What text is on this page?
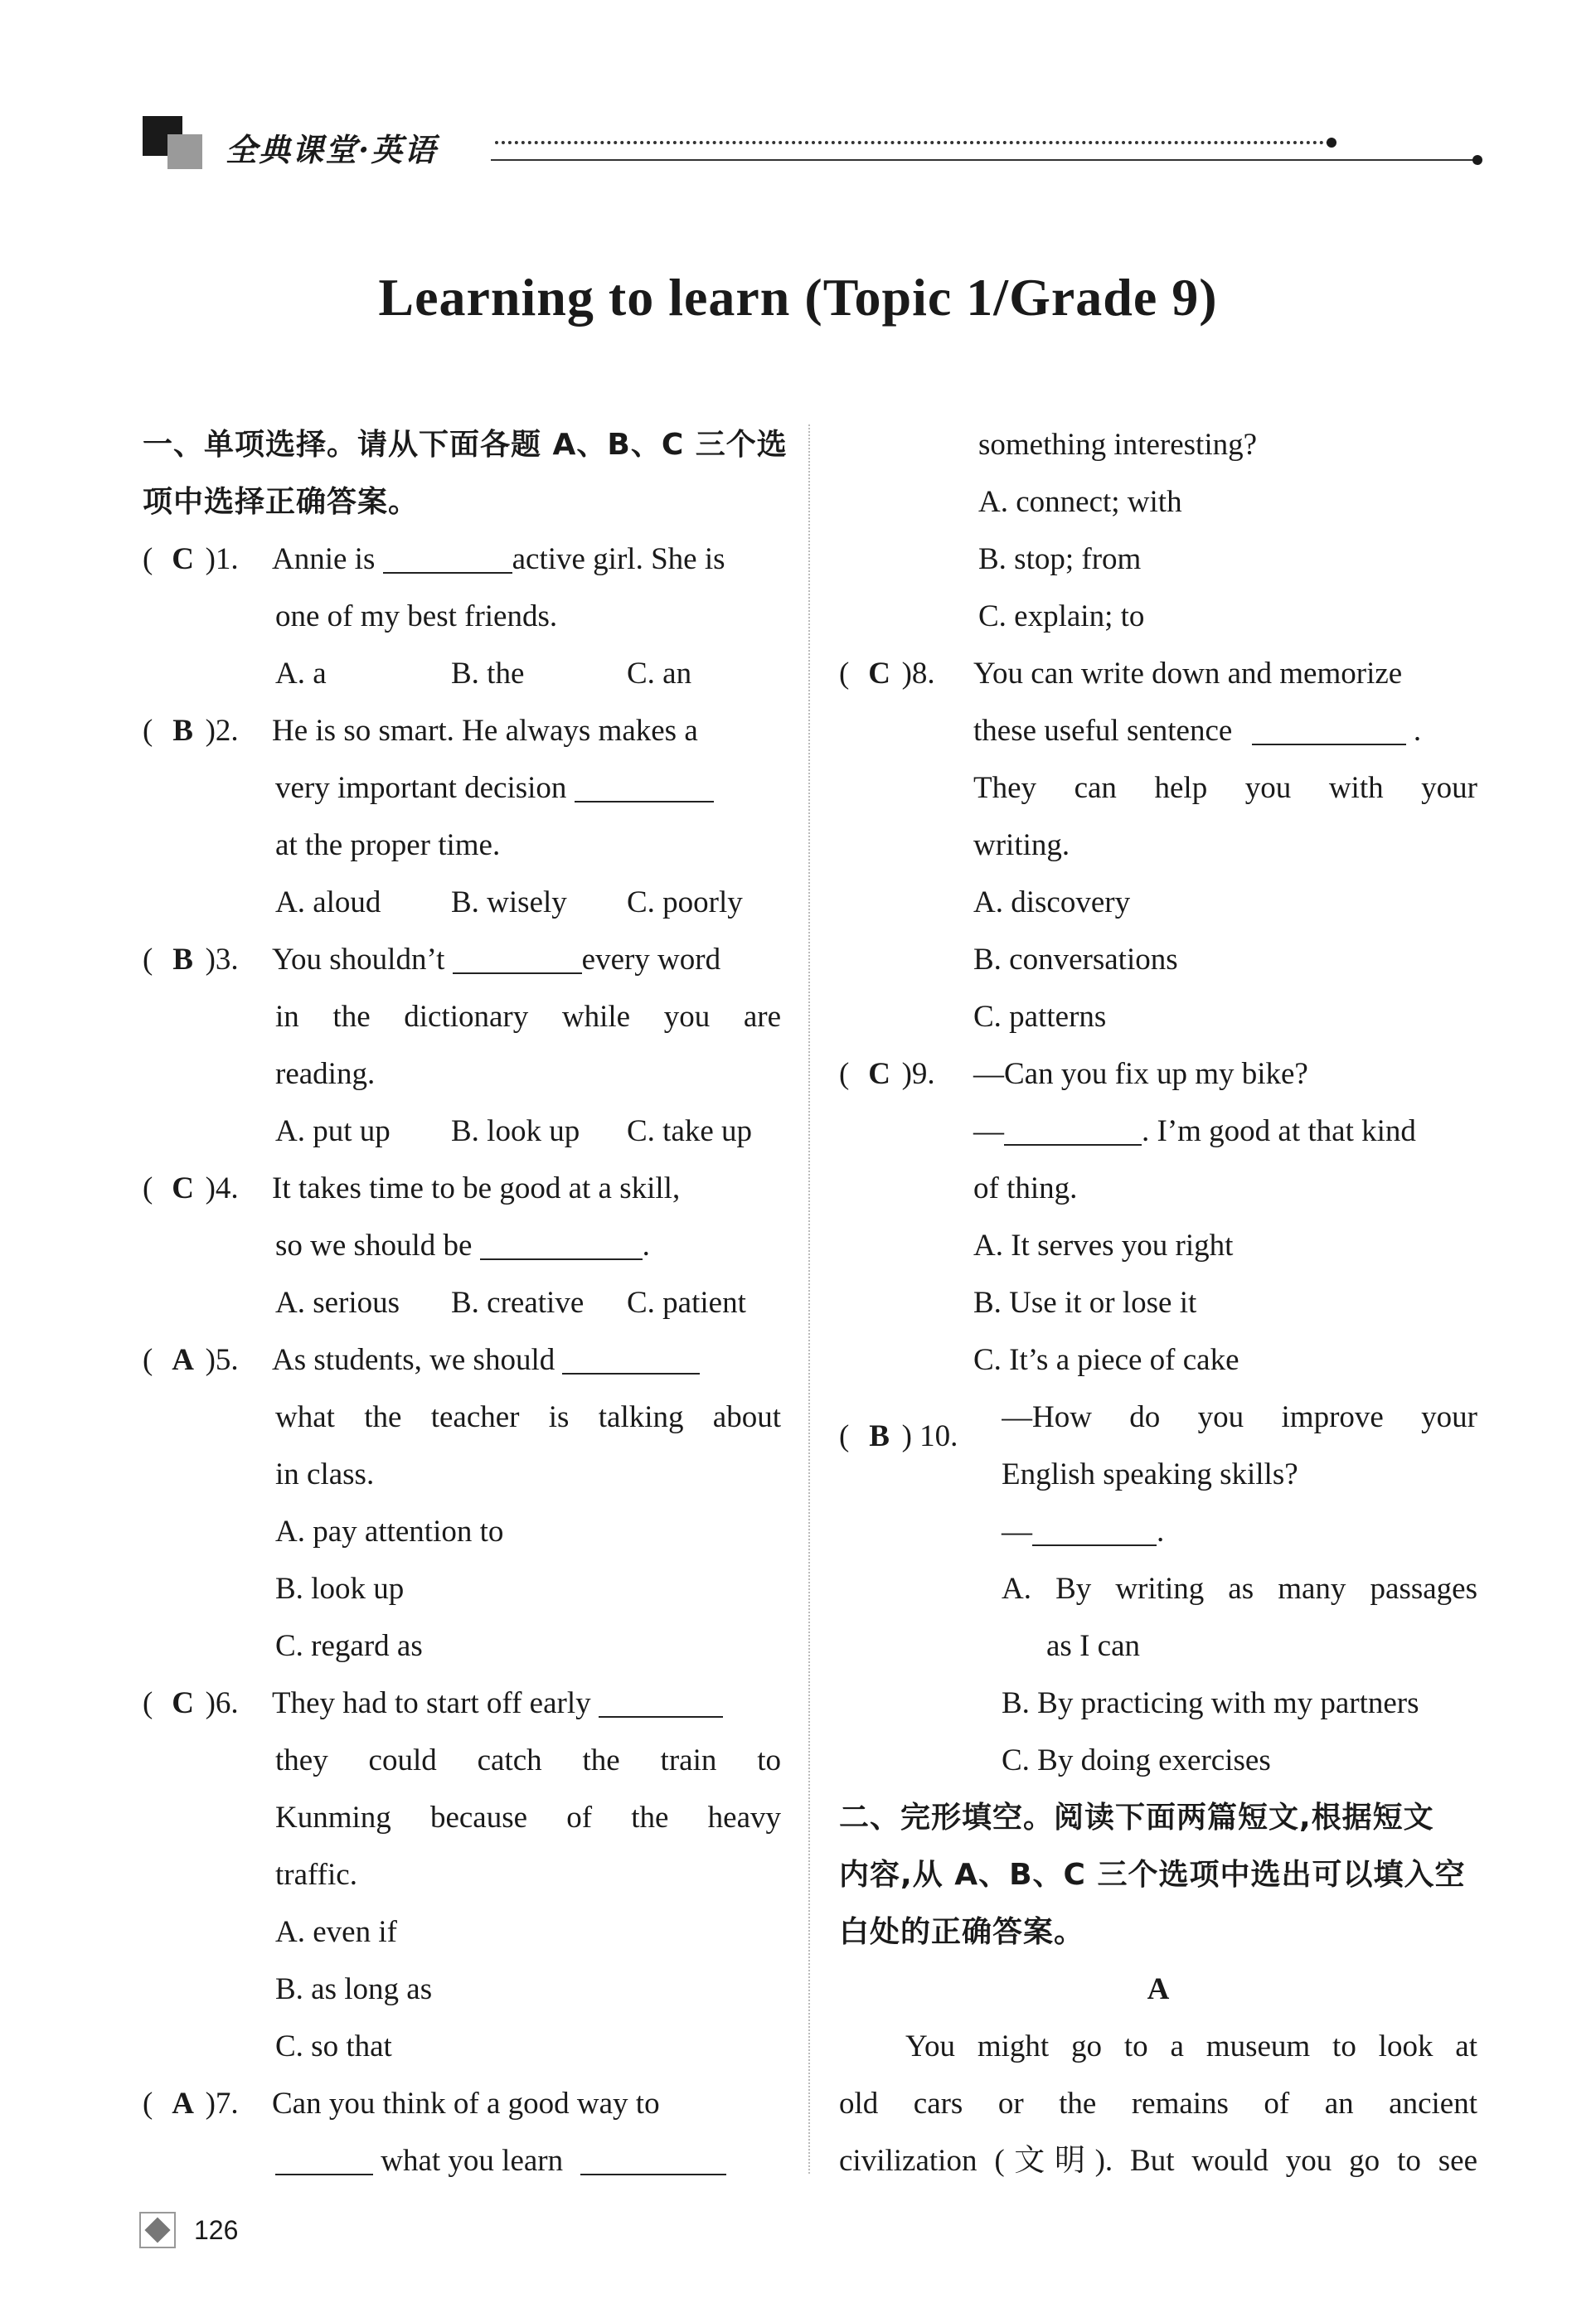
全典课堂·英语
Learning to learn (Topic 1/Grade 9)
一、单项选择。请从下面各题 A、B、C 三个选
项中选择正确答案。
( C )1. Annie is	active girl. She is
one of my best friends.
A. a	B. the	C. an
( B )2. He is so smart. He always makes a
very important decision
at the proper time.
A. aloud B. wisely C. poorly
( B )3. You shouldn’t	every word
in the dictionary while you are
reading.
A. put up B. look up C. take up
( C )4. It takes time to be good at a skill,
so we should be	.
A. serious B. creative C. patient
( A )5. As students, we should
what the teacher is talking about
in class.
A. pay attention to
B. look up
C. regard as
( C )6. They had to start off early
they could catch the train to
Kunming because of the heavy
traffic.
A. even if
B. as long as
C. so that
( A )7. Can you think of a good way to
what you learn
something interesting?
A. connect; with
B. stop; from
C. explain; to
( C )8. You can write down and memorize
these useful sentence	.
They can help you with your
writing.
A. discovery
B. conversations
C. patterns
( C )9. —Can you fix up my bike?
—	. I’m good at that kind
of thing.
A. It serves you right
B. Use it or lose it
C. It’s a piece of cake
( B ) 10.—How do you improve your
English speaking skills?
—	.
A. By writing as many passages
as I can
B. By practicing with my partners
C. By doing exercises
二、完形填空。阅读下面两篇短文,根据短文
内容,从 A、B、C 三个选项中选出可以填入空
白处的正确答案。
A
You might go to a museum to look at
old cars or the remains of an ancient
civilization (文明). But would you go to see
126
